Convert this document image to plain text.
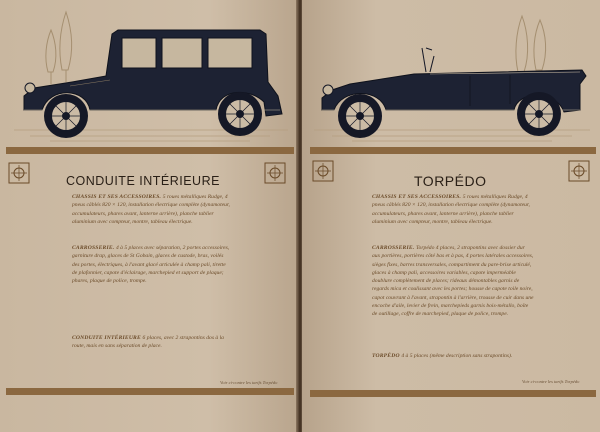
CONDUITE INTÉRIEURE
CHASSIS ET SES ACCESSOIRES. 5 roues métalliques Rudge, 4 pneus câblés 820 × 120, installation électrique complète (dynamoteur, accumulateurs, phares avant, lanterne arrière), planche tablier aluminium avec compteur, montre, tableau électrique.
CARROSSERIE. 4 à 5 places avec séparation, 2 portes accessoires, garniture drap, glaces de St Gobain, glaces de custode, bras, voilés des portes, électriques, à l'avant glacé articulée à champ pali, tirette de plafonnier, capote d'éclairage, marchepied et support de plaque; phares, plaque de police, trompe.
CONDUITE INTÉRIEURE 6 places, avec 2 strapontins dos à la route, mais en sans séparation de place.
Voir ci-contre les tarifs Torpédo
TORPÉDO
CHASSIS ET SES ACCESSOIRES. 5 roues métalliques Rudge, 4 pneus câblés 820 × 120, installation électrique complète (dynamoteur, accumulateurs, phares avant, lanterne arrière), planche tablier aluminium avec compteur, montre, tableau électrique.
CARROSSERIE. Torpédo 4 places, 2 strapontins avec dossier dur aux portières, portières côté bas et à pas, 4 portes latérales accessoires, sièges fixes, barres transversales, compartiment du pare-brise articulé, glaces à champ pali, accessoires variables, capote imperméable doublure complètement de places; rideaux démontables garnis de regards mica et coulissant avec les portes; housse de capote toile noire, capot couvrant à l'avant, strapontin à l'arrière, trousse de cuir dans une encoche d'aile, levier de frein, marchepieds garnis bois-métallo, boîte de outillage, coffre de marchepied, plaque de police, trompe.
TORPÉDO 4 à 5 places (même description sans strapontins).
Voir ci-contre les tarifs Torpédo
